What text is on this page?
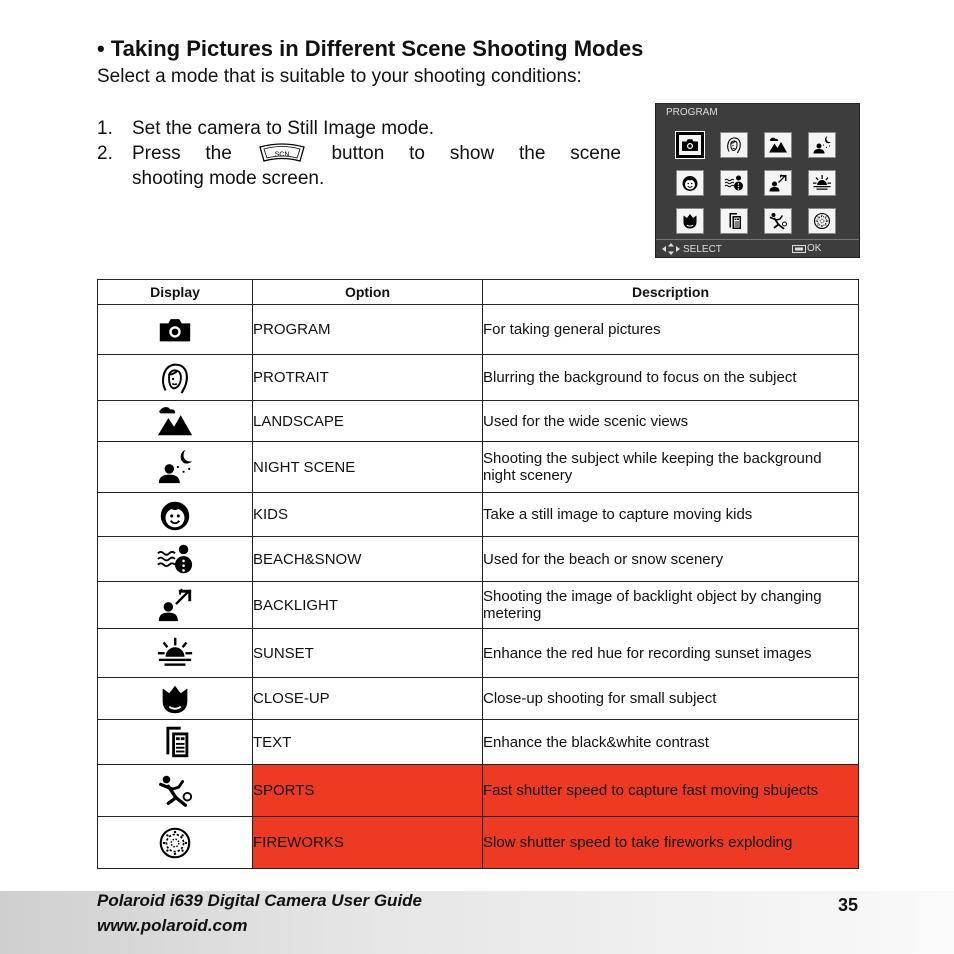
• Taking Pictures in Different Scene Shooting Modes

Select a mode that is suitable to your shooting conditions:

1.	Set the camera to Still Image mode.
2.	Press the	SCN button to show the scene
shooting mode screen.
PROGRAM
SELECT	OK
Display	Option	Description

	PROGRAM	For taking general pictures

	PROTRAIT	Blurring the background to focus on the subject

	LANDSCAPE	Used for the wide scenic views

	NIGHT SCENE	Shooting the subject while keeping the background night scenery

	KIDS	Take a still image to capture moving kids

	BEACH&SNOW	Used for the beach or snow scenery

	BACKLIGHT	Shooting the image of backlight object by changing metering

	SUNSET	Enhance the red hue for recording sunset images

	CLOSE-UP	Close-up shooting for small subject

	TEXT	Enhance the black&white contrast

	SPORTS	Fast shutter speed to capture fast moving sbujects

	FIREWORKS	Slow shutter speed to take fireworks exploding
Polaroid i639 Digital Camera User Guide
www.polaroid.com
35
